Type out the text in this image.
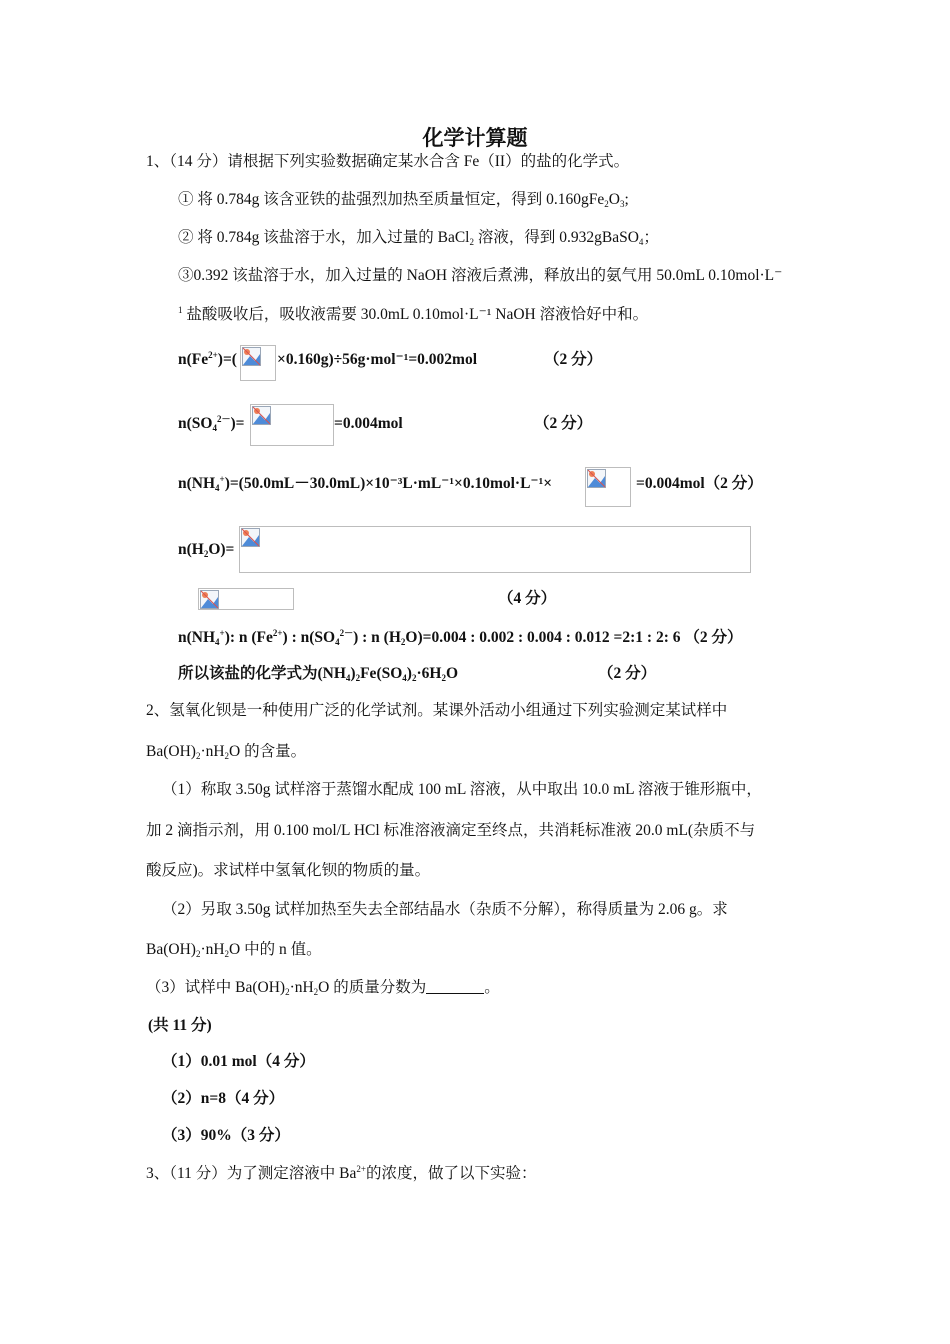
化学计算题
1、（14 分）请根据下列实验数据确定某水合含 Fe（II）的盐的化学式。
① 将 0.784g 该含亚铁的盐强烈加热至质量恒定，得到 $0.160gFe_2O_3$;
② 将 0.784g 该盐溶于水，加入过量的 BaCl$_2$ 溶液，得到 0.932gBaSO$_4$；
③0.392 该盐溶于水，加入过量的 NaOH 溶液后煮沸，释放出的氨气用 50.0mL 0.10mol·L⁻
$^1$ 盐酸吸收后，吸收液需要 30.0mL 0.10mol·L⁻¹ NaOH 溶液恰好中和。
$n(Fe^{2+})=$(	×0.160g)÷56g·mol⁻¹=0.002mol	（2 分）
$n(SO_4^{2-})=$	=0.004mol	（2 分）
$n(NH_4^+)=(50.0mL-30.0mL)\times 10^{-3}L\cdot mL^{-1}\times 0.10mol\cdot L^{-1}\times$	=0.004mol（2 分）
$n(H_2O)=$
（4 分）
$n(NH_4^+)$: n $(Fe^{2+})$ : $n(SO_4^{2-})$ : n $(H_2O)=0.004$ : 0.002 : 0.004 : 0.012 =2:1 : 2: 6 （2 分）
所以该盐的化学式为$(NH_4)_2Fe(SO_4)_2\cdot 6H_2O$	（2 分）
2、氢氧化钡是一种使用广泛的化学试剂。某课外活动小组通过下列实验测定某试样中
$Ba(OH)_2\cdot nH_2O$ 的含量。
（1）称取 3.50g 试样溶于蒸馏水配成 100 mL 溶液，从中取出 10.0 mL 溶液于锥形瓶中，
加 2 滴指示剂，用 0.100 mol/L HCl 标准溶液滴定至终点，共消耗标准液 20.0 mL(杂质不与
酸反应)。求试样中氢氧化钡的物质的量。
（2）另取 3.50g 试样加热至失去全部结晶水（杂质不分解），称得质量为 2.06 g。求
$Ba(OH)_2\cdot nH_2O$ 中的 n 值。
（3）试样中 $Ba(OH)_2\cdot nH_2O$ 的质量分数为	。
(共 11 分)
（1）0.01 mol（4 分）
（2）n=8（4 分）
（3）90%（3 分）
3、（11 分）为了测定溶液中 $Ba^{2+}$的浓度，做了以下实验：
